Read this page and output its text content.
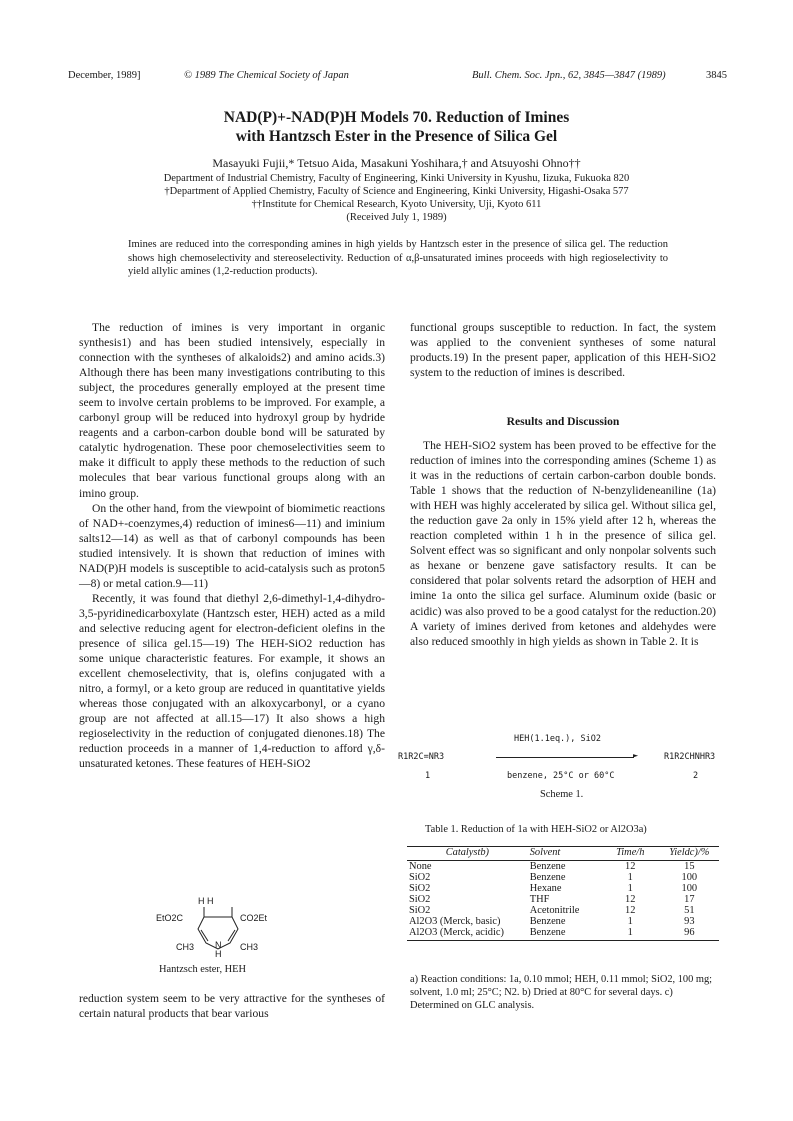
December, 1989]	© 1989 The Chemical Society of Japan	Bull. Chem. Soc. Jpn., 62, 3845—3847 (1989)	3845
NAD(P)+-NAD(P)H Models 70. Reduction of Imines
with Hantzsch Ester in the Presence of Silica Gel
Masayuki Fujii,* Tetsuo Aida, Masakuni Yoshihara,† and Atsuyoshi Ohno††
Department of Industrial Chemistry, Faculty of Engineering, Kinki University in Kyushu, Iizuka, Fukuoka 820
†Department of Applied Chemistry, Faculty of Science and Engineering, Kinki University, Higashi-Osaka 577
††Institute for Chemical Research, Kyoto University, Uji, Kyoto 611
(Received July 1, 1989)
Imines are reduced into the corresponding amines in high yields by Hantzsch ester in the presence of silica gel. The reduction shows high chemoselectivity and stereoselectivity. Reduction of α,β-unsaturated imines proceeds with high regioselectivity to yield allylic amines (1,2-reduction products).

The reduction of imines is very important in organic synthesis1) and has been studied intensively, especially in connection with the syntheses of alkaloids2) and amino acids.3) Although there has been many investigations contributing to this subject, the procedures generally employed at the present time seem to involve certain problems to be improved. For example, a carbonyl group will be reduced into hydroxyl group by hydride reagents and a carbon-carbon double bond will be saturated by catalytic hydrogenation. These poor chemoselectivities seem to make it difficult to apply these methods to the reduction of such molecules that bear various functional groups along with an imino group.

On the other hand, from the viewpoint of biomimetic reactions of NAD+-coenzymes,4) reduction of imines6—11) and iminium salts12—14) as well as that of carbonyl compounds has been studied intensively. It is shown that reduction of imines with NAD(P)H models is susceptible to acid-catalysis such as proton5—8) or metal cation.9—11)

Recently, it was found that diethyl 2,6-dimethyl-1,4-dihydro-3,5-pyridinedicarboxylate (Hantzsch ester, HEH) acted as a mild and selective reducing agent for electron-deficient olefins in the presence of silica gel.15—19) The HEH-SiO2 reduction has some unique characteristic features. For example, it shows an excellent chemoselectivity, that is, olefins conjugated with a nitro, a formyl, or a keto group are reduced in quantitative yields whereas those conjugated with an alkoxycarbonyl, or a cyano group are not affected at all.15—17) It also shows a high regioselectivity in the reduction of conjugated dienones.18) The reduction proceeds in a manner of 1,4-reduction to afford γ,δ-unsaturated ketones. These features of HEH-SiO2

H H
EtO2C	CO2Et
CH3	CH3
N
H
Hantzsch ester, HEH

reduction system seem to be very attractive for the syntheses of certain natural products that bear various

functional groups susceptible to reduction. In fact, the system was applied to the convenient syntheses of some natural products.19) In the present paper, application of this HEH-SiO2 system to the reduction of imines is described.

Results and Discussion

The HEH-SiO2 system has been proved to be effective for the reduction of imines into the corresponding amines (Scheme 1) as it was in the reductions of certain carbon-carbon double bonds. Table 1 shows that the reduction of N-benzylideneaniline (1a) with HEH was highly accelerated by silica gel. Without silica gel, the reduction gave 2a only in 15% yield after 12 h, whereas the reaction completed within 1 h in the presence of silica gel. Solvent effect was so significant and only nonpolar solvents such as hexane or benzene gave satisfactory results. It can be considered that polar solvents retard the adsorption of HEH and imine 1a onto the silica gel surface. Aluminum oxide (basic or acidic) was also proved to be a good catalyst for the reduction.20) A variety of imines derived from ketones and aldehydes were also reduced smoothly in high yields as shown in Table 2. It is

HEH(1.1eq.), SiO2
R1R2C=NR3	►	R1R2CHNHR3
1	benzene, 25°C or 60°C	2
Scheme 1.
Table 1. Reduction of 1a with HEH-SiO2 or Al2O3a)
Catalystb)	Solvent	Time/h	Yieldc)/%
None	Benzene	12	15
SiO2	Benzene	1	100
SiO2	Hexane	1	100
SiO2	THF	12	17
SiO2	Acetonitrile	12	51
Al2O3 (Merck, basic)	Benzene	1	93
Al2O3 (Merck, acidic)	Benzene	1	96
a) Reaction conditions: 1a, 0.10 mmol; HEH, 0.11 mmol; SiO2, 100 mg; solvent, 1.0 ml; 25°C; N2. b) Dried at 80°C for several days. c) Determined on GLC analysis.
